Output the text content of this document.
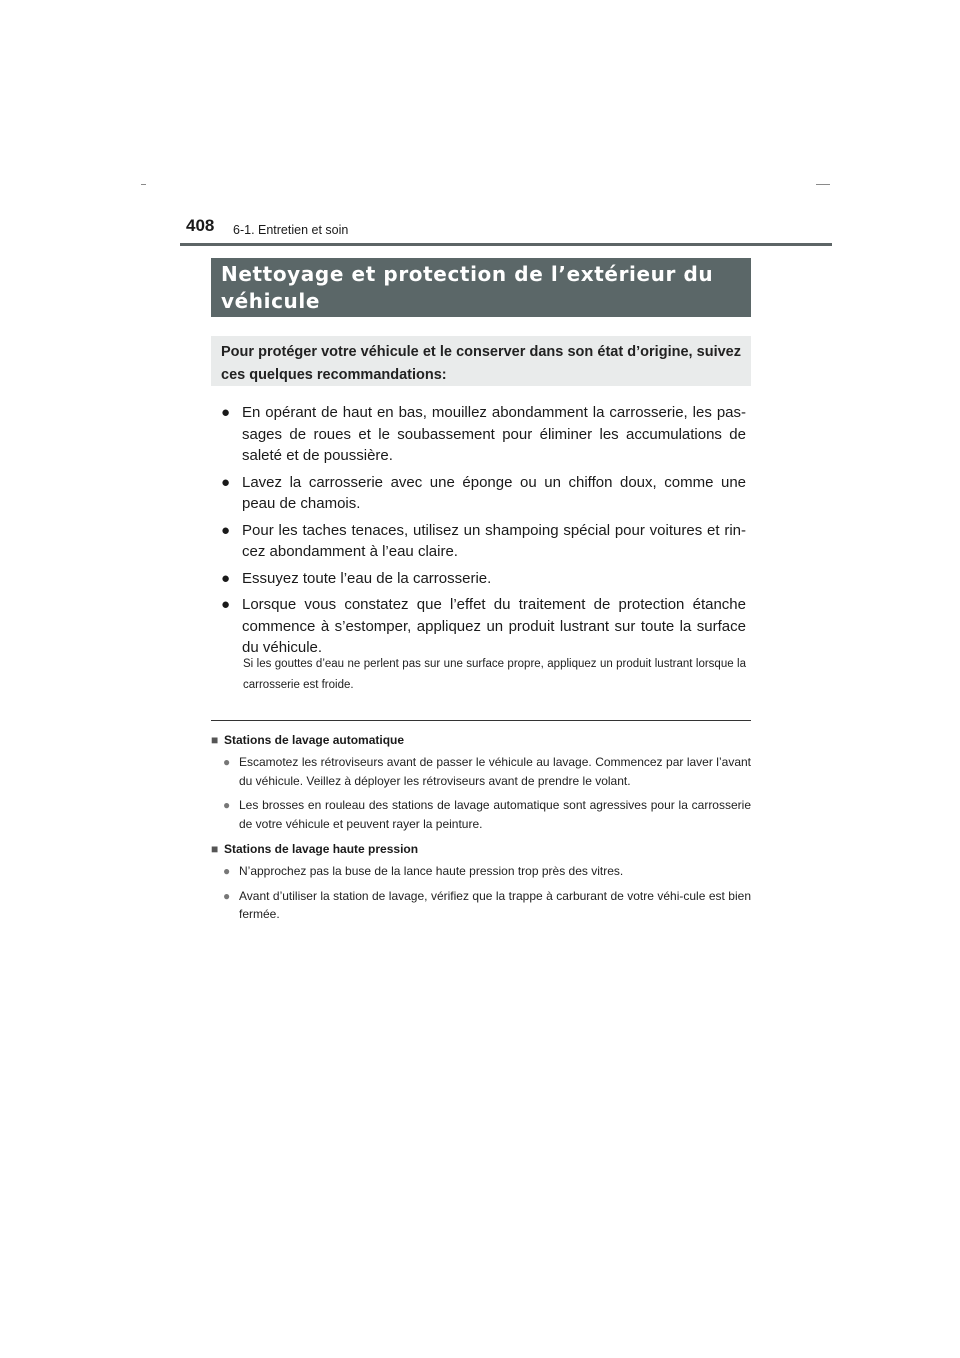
408 6-1. Entretien et soin
Nettoyage et protection de l’extérieur du véhicule
Pour protéger votre véhicule et le conserver dans son état d’origine, suivez ces quelques recommandations:
● En opérant de haut en bas, mouillez abondamment la carrosserie, les pas-sages de roues et le soubassement pour éliminer les accumulations de saleté et de poussière.
● Lavez la carrosserie avec une éponge ou un chiffon doux, comme une peau de chamois.
● Pour les taches tenaces, utilisez un shampoing spécial pour voitures et rin-cez abondamment à l’eau claire.
● Essuyez toute l’eau de la carrosserie.
● Lorsque vous constatez que l’effet du traitement de protection étanche commence à s’estomper, appliquez un produit lustrant sur toute la surface du véhicule.
Si les gouttes d’eau ne perlent pas sur une surface propre, appliquez un produit lustrant lorsque la carrosserie est froide.
■ Stations de lavage automatique
● Escamotez les rétroviseurs avant de passer le véhicule au lavage. Commencez par laver l’avant du véhicule. Veillez à déployer les rétroviseurs avant de prendre le volant.
● Les brosses en rouleau des stations de lavage automatique sont agressives pour la carrosserie de votre véhicule et peuvent rayer la peinture.
■ Stations de lavage haute pression
● N’approchez pas la buse de la lance haute pression trop près des vitres.
● Avant d’utiliser la station de lavage, vérifiez que la trappe à carburant de votre véhi-cule est bien fermée.
